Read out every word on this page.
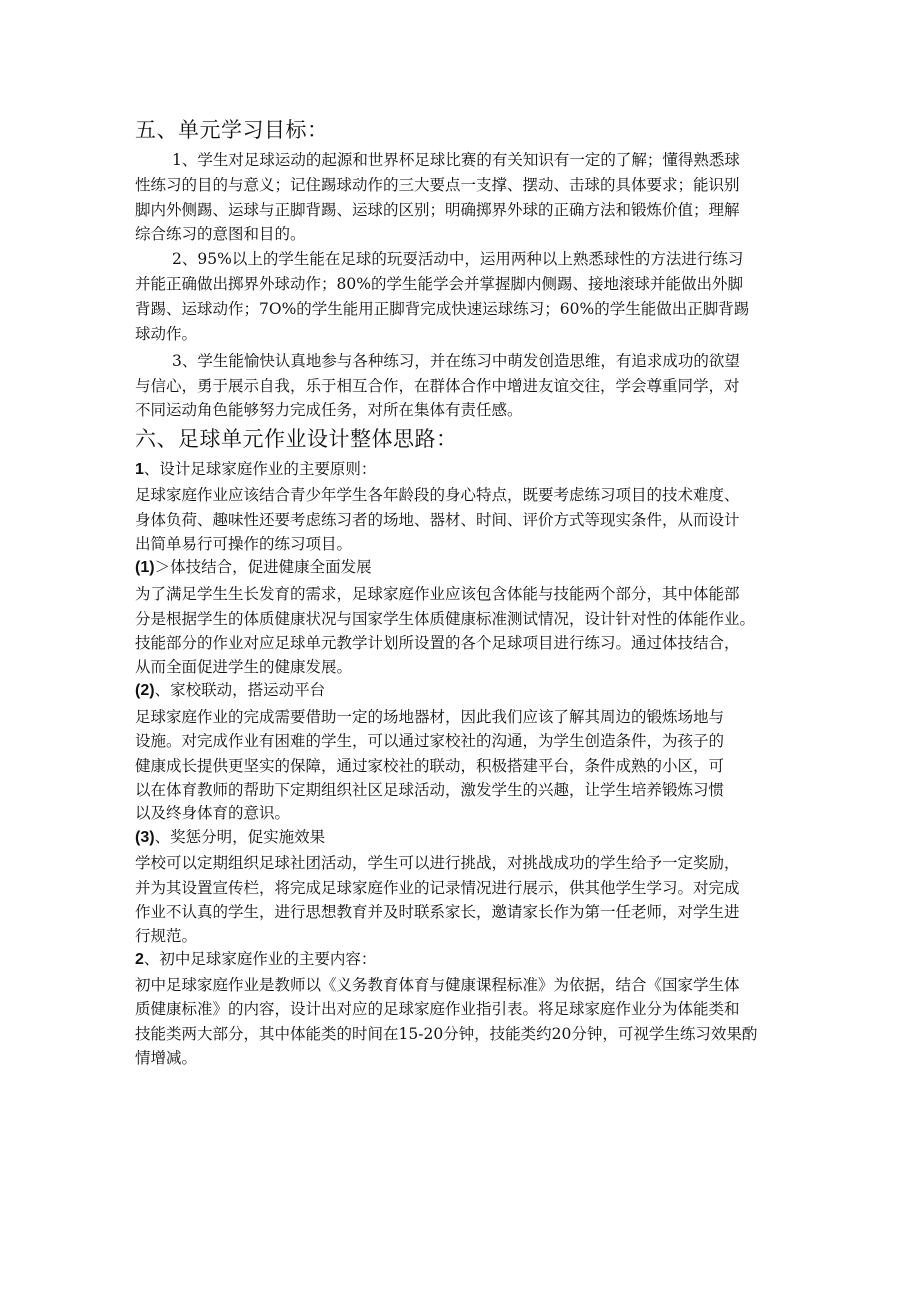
五、单元学习目标：
1、学生对足球运动的起源和世界杯足球比赛的有关知识有一定的了解；懂得熟悉球
性练习的目的与意义；记住踢球动作的三大要点一支撑、摆动、击球的具体要求；能识别
脚内外侧踢、运球与正脚背踢、运球的区别；明确掷界外球的正确方法和锻炼价值；理解
综合练习的意图和目的。
2、95%以上的学生能在足球的玩耍活动中，运用两种以上熟悉球性的方法进行练习
并能正确做出掷界外球动作；80%的学生能学会并掌握脚内侧踢、接地滚球并能做出外脚
背踢、运球动作；7O%的学生能用正脚背完成快速运球练习；60%的学生能做出正脚背踢
球动作。
3、学生能愉快认真地参与各种练习，并在练习中萌发创造思维，有追求成功的欲望
与信心，勇于展示自我，乐于相互合作，在群体合作中增进友谊交往，学会尊重同学，对
不同运动角色能够努力完成任务，对所在集体有责任感。
六、足球单元作业设计整体思路：
1、设计足球家庭作业的主要原则：
足球家庭作业应该结合青少年学生各年龄段的身心特点，既要考虑练习项目的技术难度、
身体负荷、趣味性还要考虑练习者的场地、器材、时间、评价方式等现实条件，从而设计
出简单易行可操作的练习项目。
(1)＞体技结合，促进健康全面发展
为了满足学生生长发育的需求，足球家庭作业应该包含体能与技能两个部分，其中体能部
分是根据学生的体质健康状况与国家学生体质健康标准测试情况，设计针对性的体能作业。
技能部分的作业对应足球单元教学计划所设置的各个足球项目进行练习。通过体技结合，
从而全面促进学生的健康发展。
(2)、家校联动，搭运动平台
足球家庭作业的完成需要借助一定的场地器材，因此我们应该了解其周边的锻炼场地与
设施。对完成作业有困难的学生，可以通过家校社的沟通，为学生创造条件，为孩子的
健康成长提供更坚实的保障，通过家校社的联动，积极搭建平台，条件成熟的小区，可
以在体育教师的帮助下定期组织社区足球活动，激发学生的兴趣，让学生培养锻炼习惯
以及终身体育的意识。
(3)、奖惩分明，促实施效果
学校可以定期组织足球社团活动，学生可以进行挑战，对挑战成功的学生给予一定奖励，
并为其设置宣传栏，将完成足球家庭作业的记录情况进行展示，供其他学生学习。对完成
作业不认真的学生，进行思想教育并及时联系家长，邀请家长作为第一任老师，对学生进
行规范。
2、初中足球家庭作业的主要内容：
初中足球家庭作业是教师以《义务教育体育与健康课程标准》为依据，结合《国家学生体
质健康标准》的内容，设计出对应的足球家庭作业指引表。将足球家庭作业分为体能类和
技能类两大部分，其中体能类的时间在15-20分钟，技能类约20分钟，可视学生练习效果酌
情增减。
